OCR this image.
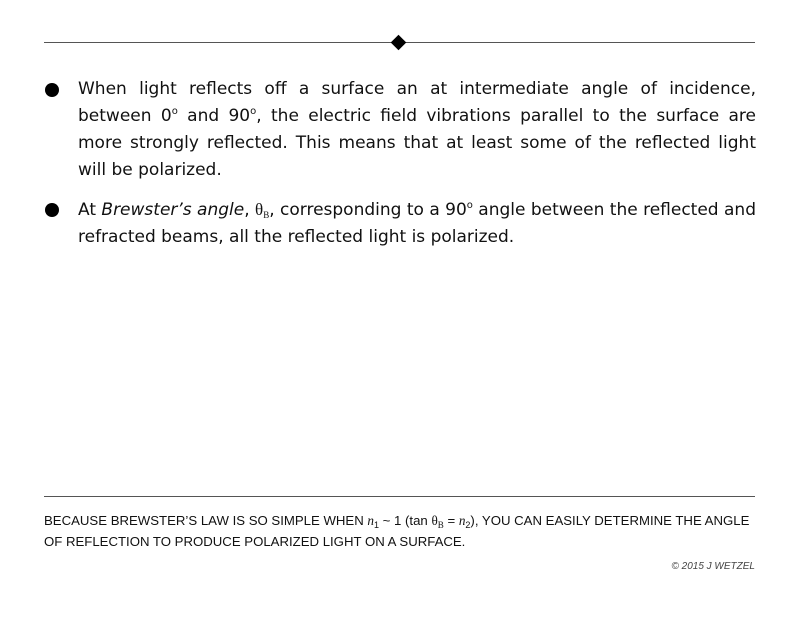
When light reflects off a surface an at intermediate angle of incidence, between 0$^o$ and 90$^o$, the electric field vibrations parallel to the surface are more strongly reflected. This means that at least some of the reflected light will be polarized.
At Brewster’s angle, $\theta_B$, corresponding to a 90$^o$ angle between the reflected and refracted beams, all the reflected light is polarized.
BECAUSE BREWSTER’S LAW IS SO SIMPLE WHEN $n_1$ ~ 1 (tan $\theta_B = n_2$), YOU CAN EASILY DETERMINE THE ANGLE OF REFLECTION TO PRODUCE POLARIZED LIGHT ON A SURFACE.
© 2015 J WETZEL
